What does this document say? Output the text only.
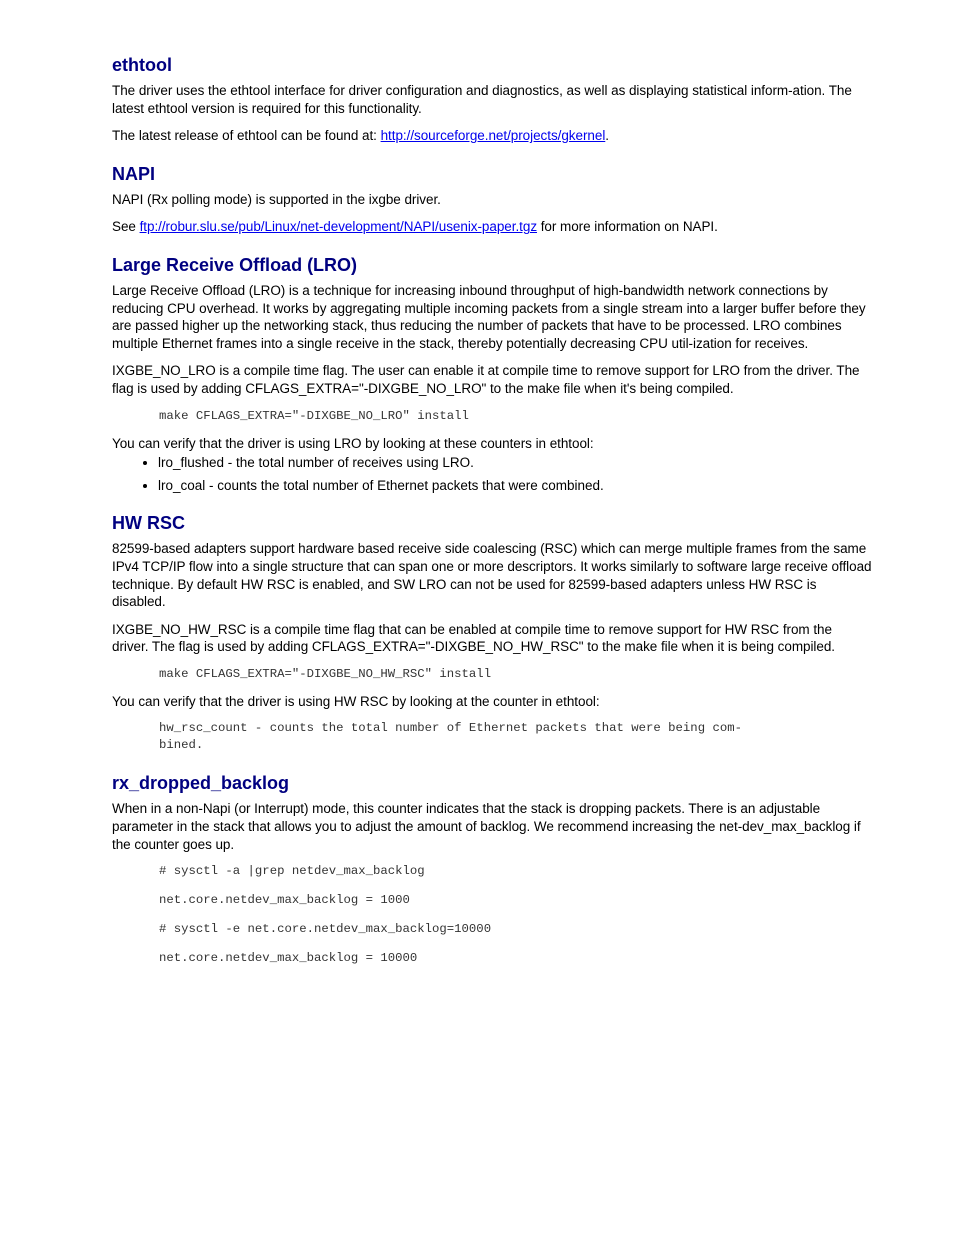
ethtool

The driver uses the ethtool interface for driver configuration and diagnostics, as well as displaying statistical inform-ation. The latest ethtool version is required for this functionality.

The latest release of ethtool can be found at: http://sourceforge.net/projects/gkernel.

NAPI

NAPI (Rx polling mode) is supported in the ixgbe driver.

See ftp://robur.slu.se/pub/Linux/net-development/NAPI/usenix-paper.tgz for more information on NAPI.

Large Receive Offload (LRO)

Large Receive Offload (LRO) is a technique for increasing inbound throughput of high-bandwidth network connections by reducing CPU overhead. It works by aggregating multiple incoming packets from a single stream into a larger buffer before they are passed higher up the networking stack, thus reducing the number of packets that have to be processed. LRO combines multiple Ethernet frames into a single receive in the stack, thereby potentially decreasing CPU util-ization for receives.

IXGBE_NO_LRO is a compile time flag. The user can enable it at compile time to remove support for LRO from the driver. The flag is used by adding CFLAGS_EXTRA="-DIXGBE_NO_LRO" to the make file when it's being compiled.

make CFLAGS_EXTRA="-DIXGBE_NO_LRO" install

You can verify that the driver is using LRO by looking at these counters in ethtool:

• lro_flushed - the total number of receives using LRO.
• lro_coal - counts the total number of Ethernet packets that were combined.
HW RSC

82599-based adapters support hardware based receive side coalescing (RSC) which can merge multiple frames from the same IPv4 TCP/IP flow into a single structure that can span one or more descriptors. It works similarly to software large receive offload technique. By default HW RSC is enabled, and SW LRO can not be used for 82599-based adapters unless HW RSC is disabled.

IXGBE_NO_HW_RSC is a compile time flag that can be enabled at compile time to remove support for HW RSC from the driver. The flag is used by adding CFLAGS_EXTRA="-DIXGBE_NO_HW_RSC" to the make file when it is being compiled.

make CFLAGS_EXTRA="-DIXGBE_NO_HW_RSC" install

You can verify that the driver is using HW RSC by looking at the counter in ethtool:

hw_rsc_count - counts the total number of Ethernet packets that were being com-
bined.
rx_dropped_backlog

When in a non-Napi (or Interrupt) mode, this counter indicates that the stack is dropping packets. There is an adjustable parameter in the stack that allows you to adjust the amount of backlog. We recommend increasing the net-dev_max_backlog if the counter goes up.

# sysctl -a |grep netdev_max_backlog
net.core.netdev_max_backlog = 1000
# sysctl -e net.core.netdev_max_backlog=10000
net.core.netdev_max_backlog = 10000
